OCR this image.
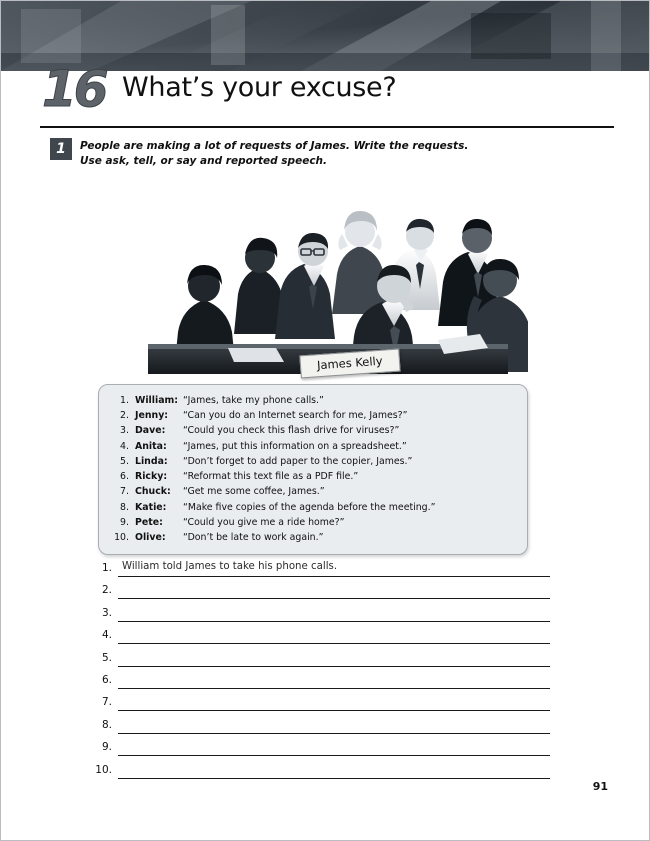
16 What’s your excuse?
1	People are making a lot of requests of James. Write the requests.
Use ask, tell, or say and reported speech.
James Kelly
1. William: “James, take my phone calls.”
2. Jenny:	“Can you do an Internet search for me, James?”
3. Dave:	“Could you check this flash drive for viruses?”
4. Anita:	“James, put this information on a spreadsheet.”
5. Linda:	“Don’t forget to add paper to the copier, James.”
6. Ricky:	“Reformat this text file as a PDF file.”
7. Chuck:	“Get me some coffee, James.”
8. Katie:	“Make five copies of the agenda before the meeting.”
9. Pete:	“Could you give me a ride home?”
10. Olive:	“Don’t be late to work again.”
1. William told James to take his phone calls.
2.
3.
4.
5.
6.
7.
8.
9.
10.
91
